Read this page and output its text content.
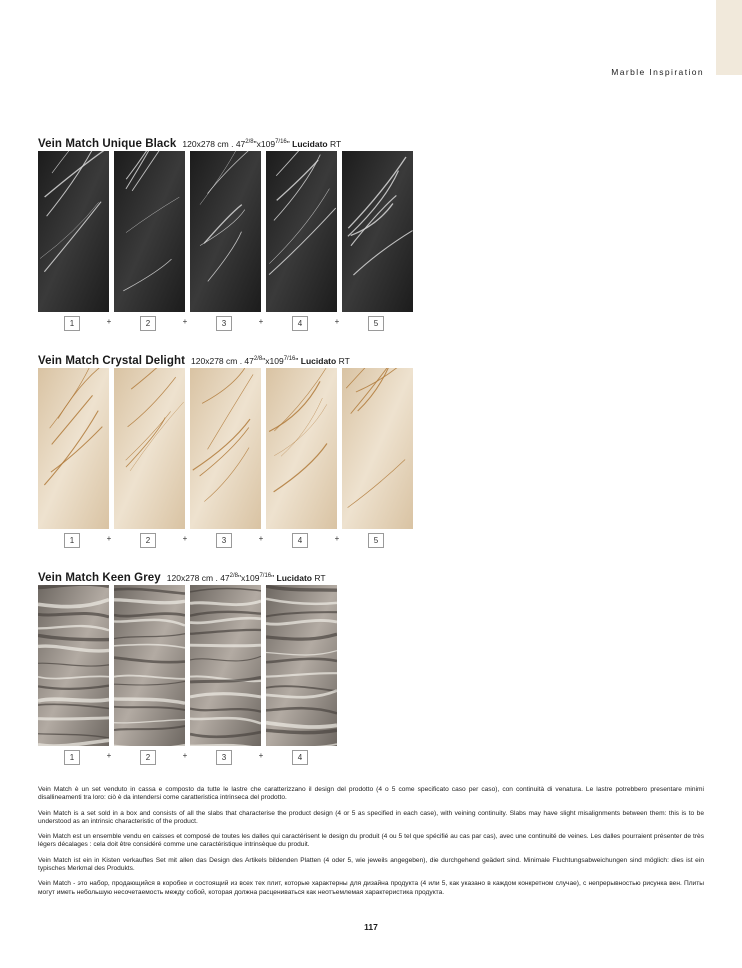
Marble Inspiration
Vein Match Unique Black 120x278 cm . $47^{2/8}"x109^{7/16}$" Lucidato RT
1	+	2	+	3	+	4	+	5
Vein Match Crystal Delight 120x278 cm . $47^{2/8}"x109^{7/16}$" Lucidato RT
1	+	2	+	3	+	4	+	5
Vein Match Keen Grey 120x278 cm . $47^{2/8}"x109^{7/16}$" Lucidato RT
1	+	2	+	3	+	4

Vein Match è un set venduto in cassa e composto da tutte le lastre che caratterizzano il design del prodotto (4 o 5 come specificato caso per caso), con continuità di venatura. Le lastre potrebbero presentare minimi disallineamenti tra loro: ciò è da intendersi come caratteristica intrinseca del prodotto.

Vein Match is a set sold in a box and consists of all the slabs that characterise the product design (4 or 5 as specified in each case), with veining continuity. Slabs may have slight misalignments between them: this is to be understood as an intrinsic characteristic of the product.

Vein Match est un ensemble vendu en caisses et composé de toutes les dalles qui caractérisent le design du produit (4 ou 5 tel que spécifié au cas par cas), avec une continuité de veines. Les dalles pourraient présenter de très légers décalages : cela doit être considéré comme une caractéristique intrinsèque du produit.

Vein Match ist ein in Kisten verkauftes Set mit allen das Design des Artikels bildenden Platten (4 oder 5, wie jeweils angegeben), die durchgehend geädert sind. Minimale Fluchtungsabweichungen sind möglich: dies ist ein typisches Merkmal des Produkts.

Vein Match - это набор, продающийся в коробке и состоящий из всех тех плит, которые характерны для дизайна продукта (4 или 5, как указано в каждом конкретном случае), с непрерывностью рисунка вен. Плиты могут иметь небольшую несочетаемость между собой, которая должна расцениваться как неотъемлемая характеристика продукта.

117
